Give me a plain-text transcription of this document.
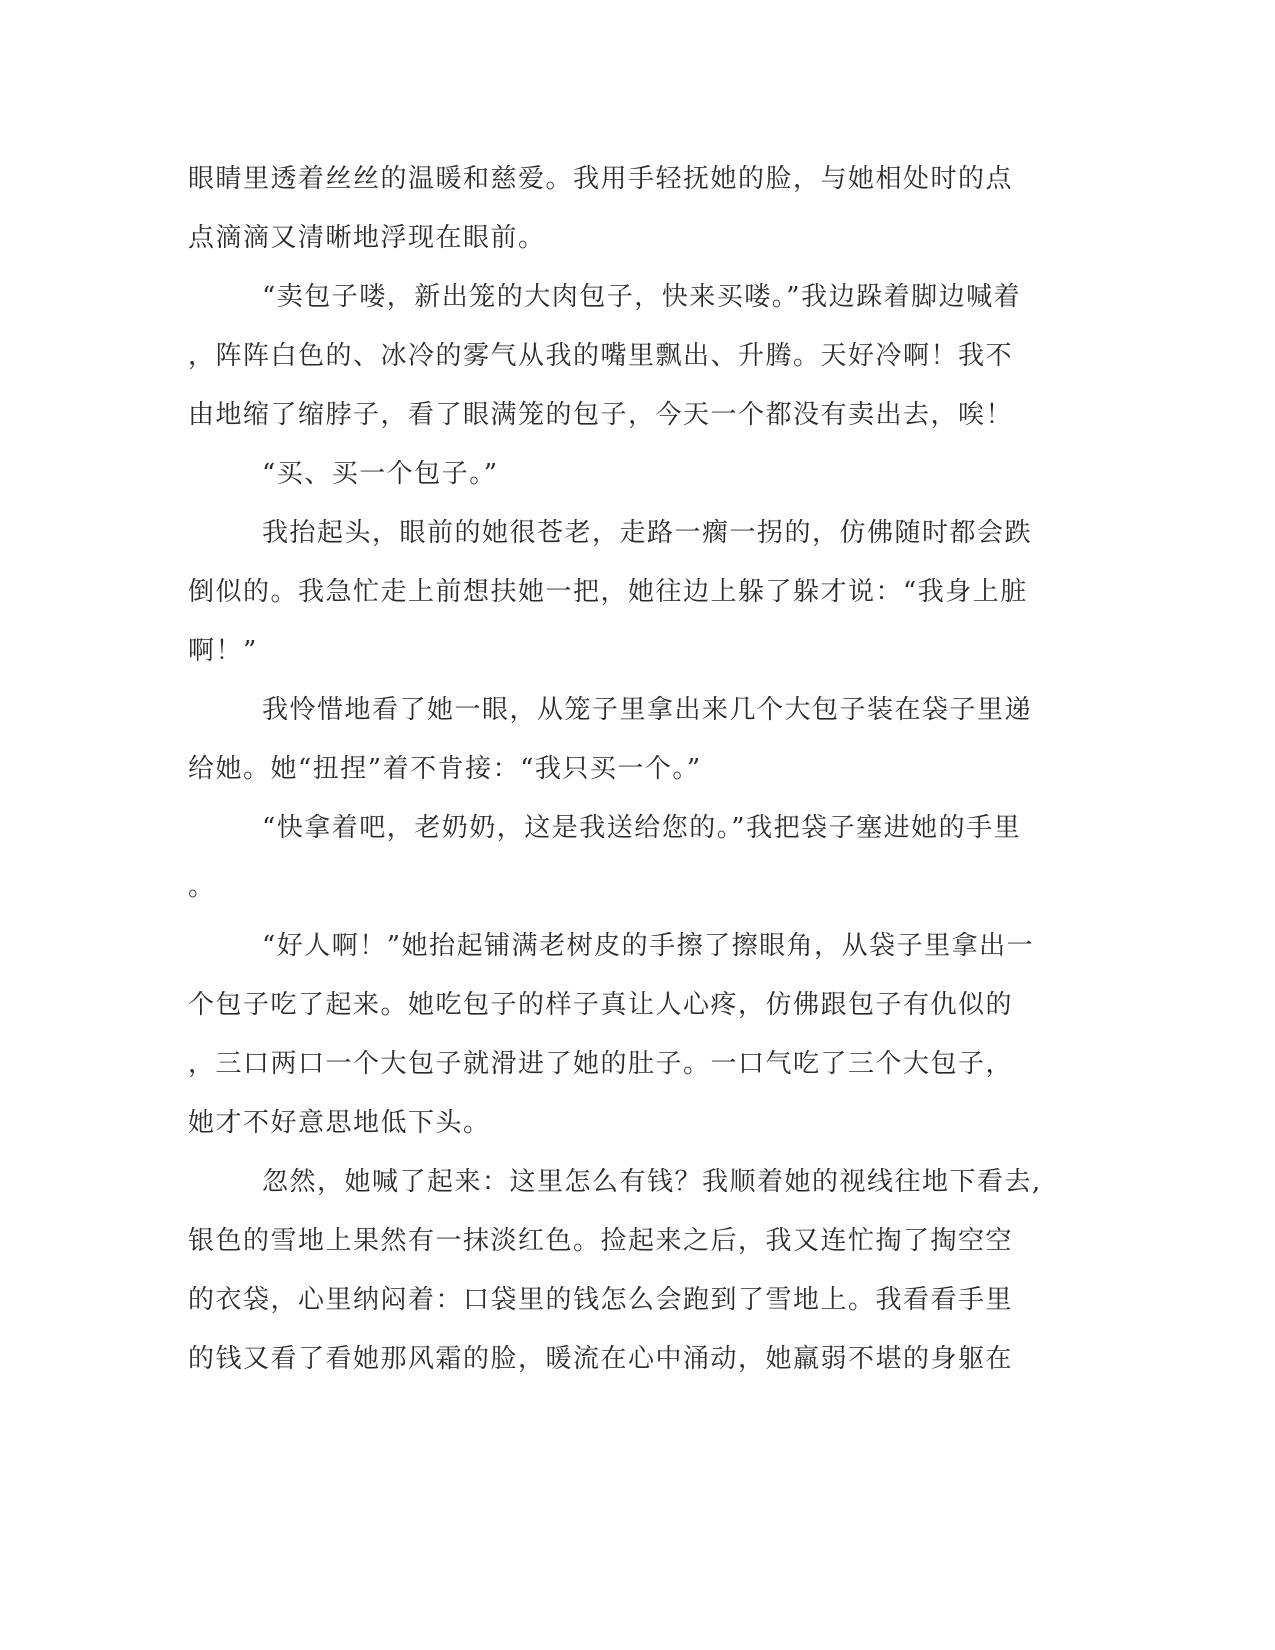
眼睛里透着丝丝的温暖和慈爱。我用手轻抚她的脸，与她相处时的点
点滴滴又清晰地浮现在眼前。
“卖包子喽，新出笼的大肉包子，快来买喽。”我边跺着脚边喊着
，阵阵白色的、冰冷的雾气从我的嘴里飘出、升腾。天好冷啊！我不
由地缩了缩脖子，看了眼满笼的包子，今天一个都没有卖出去，唉！
“买、买一个包子。”
我抬起头，眼前的她很苍老，走路一瘸一拐的，仿佛随时都会跌
倒似的。我急忙走上前想扶她一把，她往边上躲了躲才说：“我身上脏
啊！”
我怜惜地看了她一眼，从笼子里拿出来几个大包子装在袋子里递
给她。她“扭捏”着不肯接：“我只买一个。”
“快拿着吧，老奶奶，这是我送给您的。”我把袋子塞进她的手里
。
“好人啊！”她抬起铺满老树皮的手擦了擦眼角，从袋子里拿出一
个包子吃了起来。她吃包子的样子真让人心疼，仿佛跟包子有仇似的
，三口两口一个大包子就滑进了她的肚子。一口气吃了三个大包子，
她才不好意思地低下头。
忽然，她喊了起来：这里怎么有钱？我顺着她的视线往地下看去,
银色的雪地上果然有一抹淡红色。捡起来之后，我又连忙掏了掏空空
的衣袋，心里纳闷着：口袋里的钱怎么会跑到了雪地上。我看看手里
的钱又看了看她那风霜的脸，暖流在心中涌动，她羸弱不堪的身躯在
